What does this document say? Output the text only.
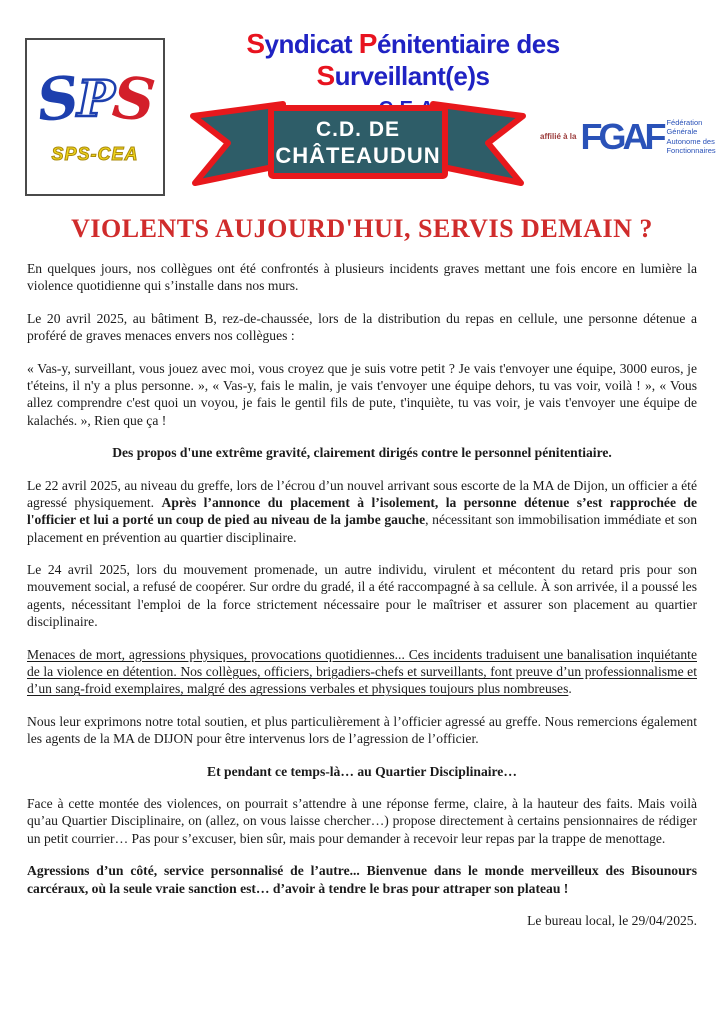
SPS
SPS-CEA
Syndicat Pénitentiaire des Surveillant(e)s
C.D. DE
CHÂTEAUDUN
affilié à la FGAF Fédération
Générale
Autonome des
Fonctionnaires
VIOLENTS AUJOURD'HUI, SERVIS DEMAIN ?

En quelques jours, nos collègues ont été confrontés à plusieurs incidents graves mettant une fois encore en lumière la violence quotidienne qui s’installe dans nos murs.

Le 20 avril 2025, au bâtiment B, rez-de-chaussée, lors de la distribution du repas en cellule, une personne détenue a proféré de graves menaces envers nos collègues :

« Vas-y, surveillant, vous jouez avec moi, vous croyez que je suis votre petit ? Je vais t'envoyer une équipe, 3000 euros, je t'éteins, il n'y a plus personne. », « Vas-y, fais le malin, je vais t'envoyer une équipe dehors, tu vas voir, voilà ! », « Vous allez comprendre c'est quoi un voyou, je fais le gentil fils de pute, t'inquiète, tu vas voir, je vais t'envoyer une équipe de kalachés. », Rien que ça !

Des propos d'une extrême gravité, clairement dirigés contre le personnel pénitentiaire.

Le 22 avril 2025, au niveau du greffe, lors de l’écrou d’un nouvel arrivant sous escorte de la MA de Dijon, un officier a été agressé physiquement. Après l’annonce du placement à l’isolement, la personne détenue s’est rapprochée de l'officier et lui a porté un coup de pied au niveau de la jambe gauche, nécessitant son immobilisation immédiate et son placement en prévention au quartier disciplinaire.

Le 24 avril 2025, lors du mouvement promenade, un autre individu, virulent et mécontent du retard pris pour son mouvement social, a refusé de coopérer. Sur ordre du gradé, il a été raccompagné à sa cellule. À son arrivée, il a poussé les agents, nécessitant l'emploi de la force strictement nécessaire pour le maîtriser et assurer son placement au quartier disciplinaire.

Menaces de mort, agressions physiques, provocations quotidiennes... Ces incidents traduisent une banalisation inquiétante de la violence en détention. Nos collègues, officiers, brigadiers-chefs et surveillants, font preuve d’un professionnalisme et d’un sang-froid exemplaires, malgré des agressions verbales et physiques toujours plus nombreuses.

Nous leur exprimons notre total soutien, et plus particulièrement à l’officier agressé au greffe. Nous remercions également les agents de la MA de DIJON pour être intervenus lors de l’agression de l’officier.

Et pendant ce temps-là… au Quartier Disciplinaire…

Face à cette montée des violences, on pourrait s’attendre à une réponse ferme, claire, à la hauteur des faits. Mais voilà qu’au Quartier Disciplinaire, on (allez, on vous laisse chercher…) propose directement à certains pensionnaires de rédiger un petit courrier… Pas pour s’excuser, bien sûr, mais pour demander à recevoir leur repas par la trappe de menottage.

Agressions d’un côté, service personnalisé de l’autre... Bienvenue dans le monde merveilleux des Bisounours carcéraux, où la seule vraie sanction est… d’avoir à tendre le bras pour attraper son plateau !

Le bureau local, le 29/04/2025.
